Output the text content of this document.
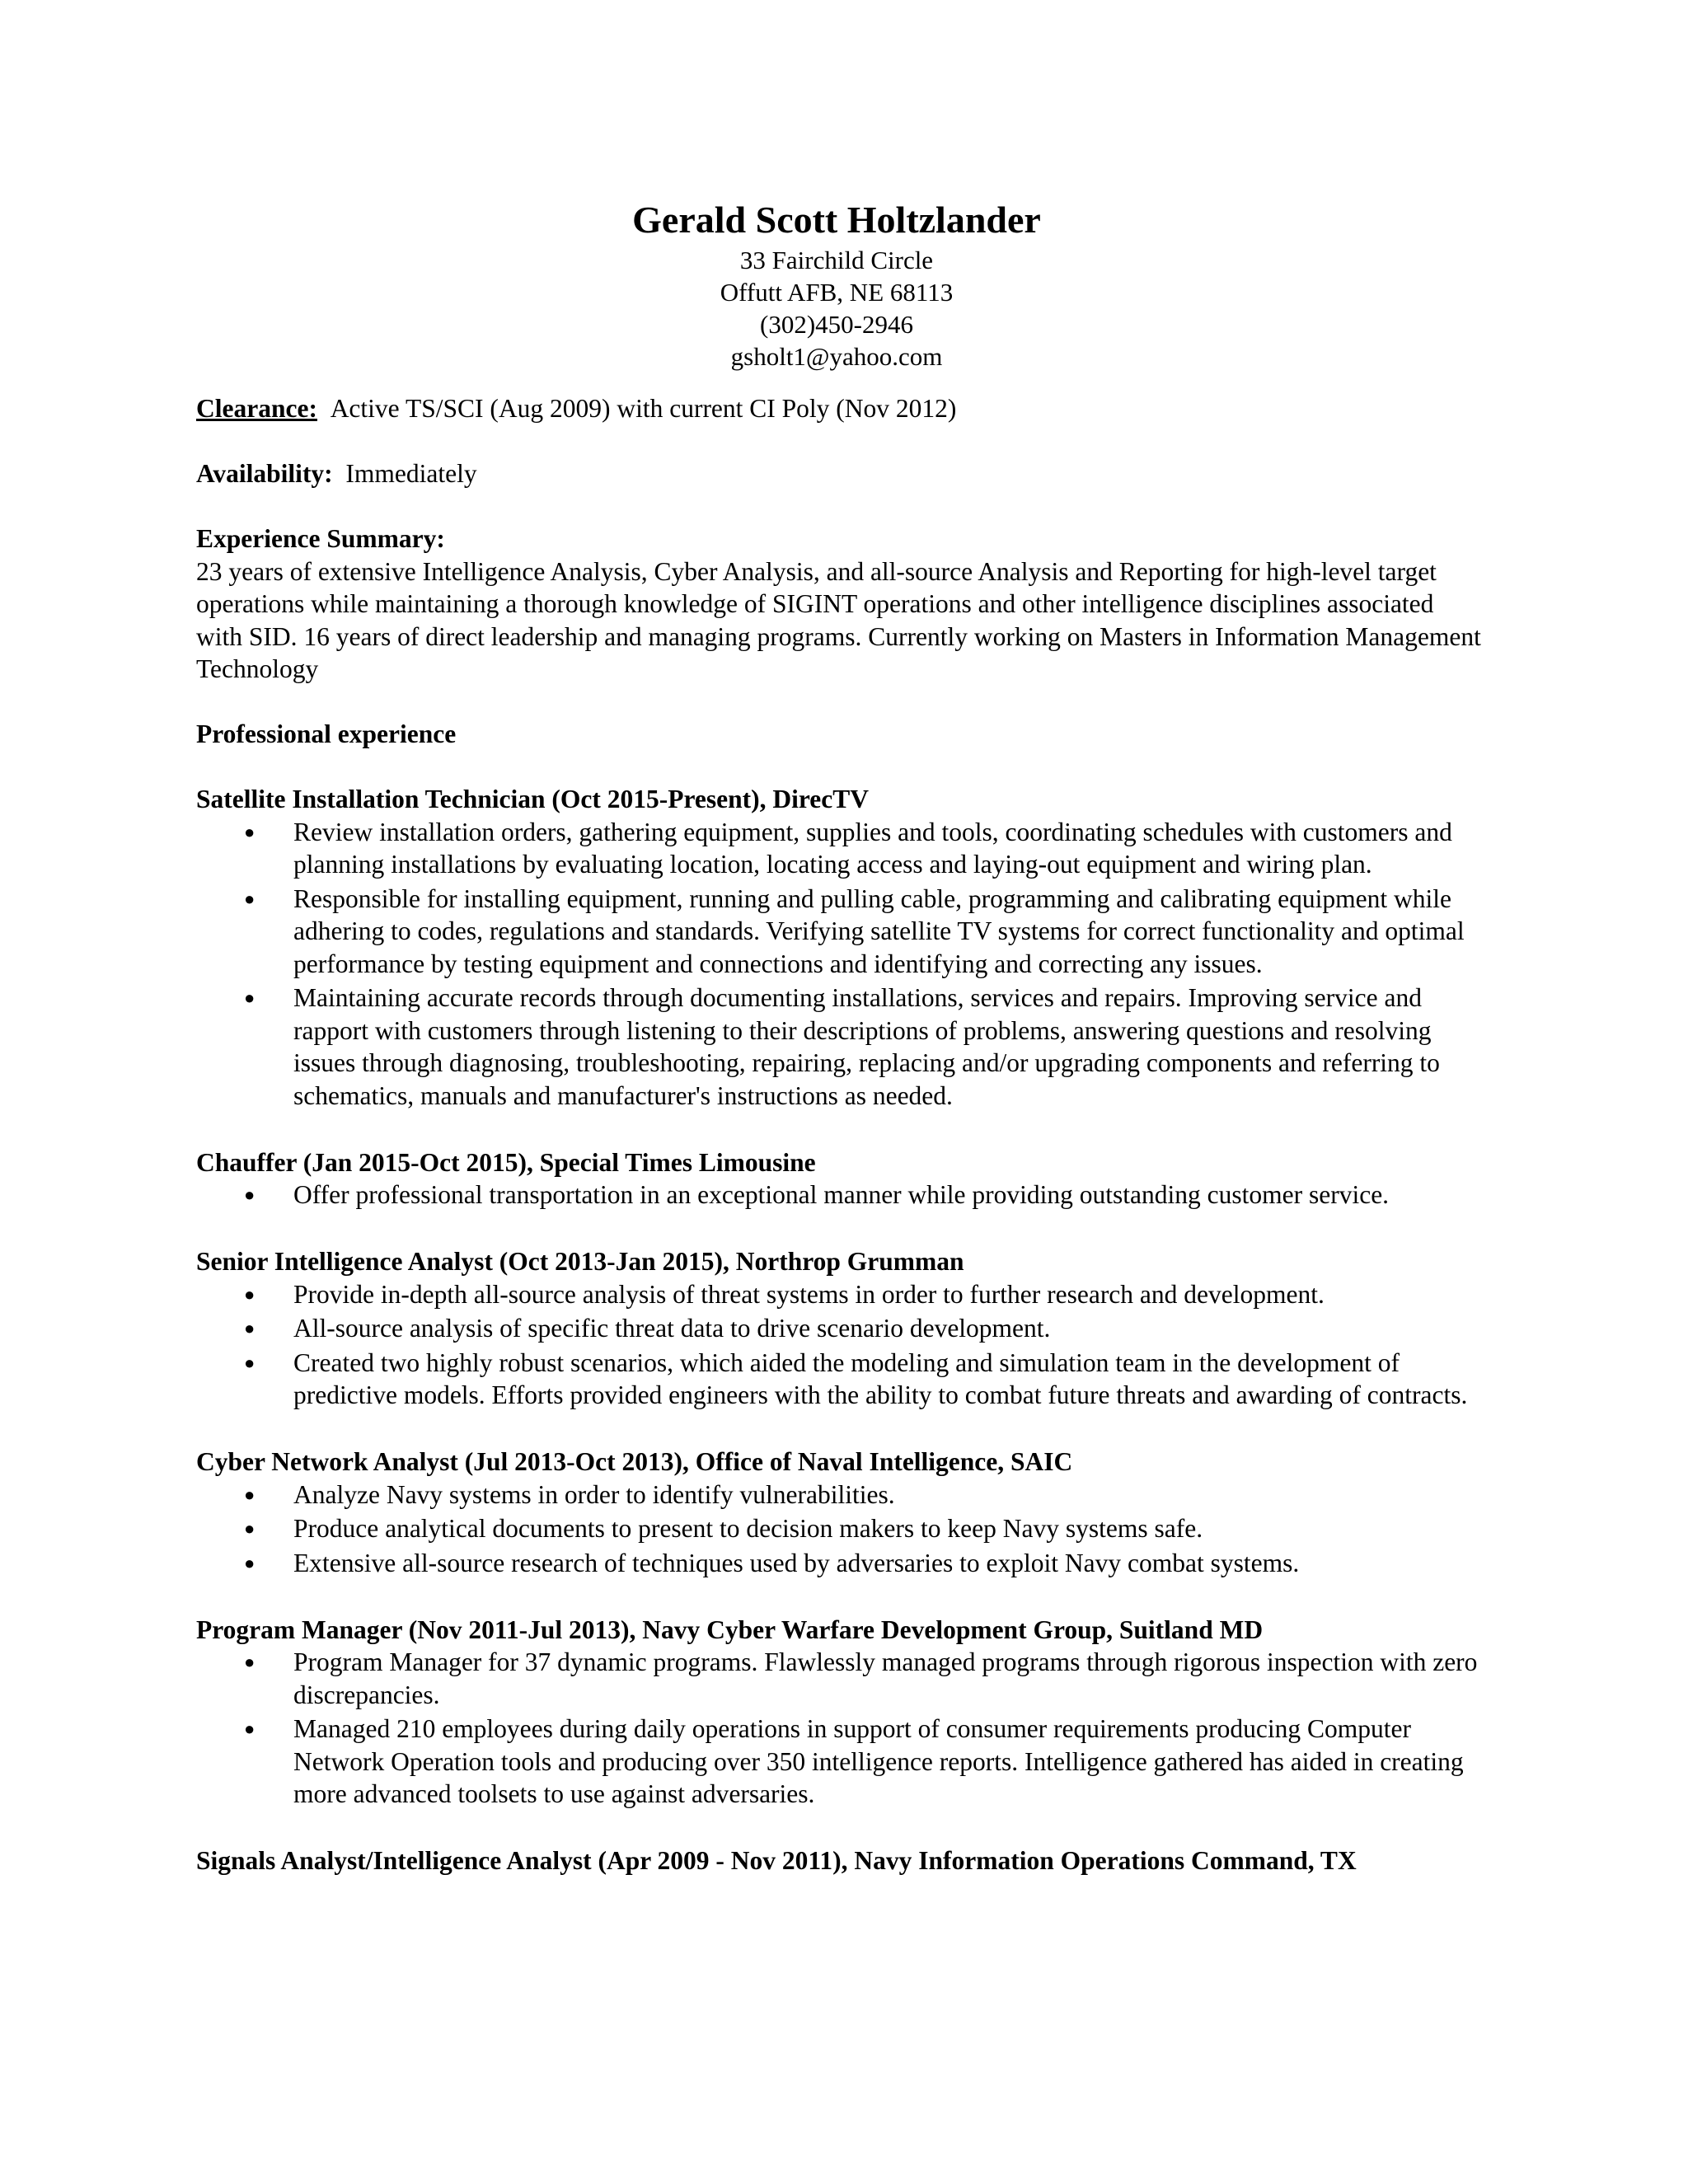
Gerald Scott Holtzlander
33 Fairchild Circle
Offutt AFB, NE 68113
(302)450-2946
gsholt1@yahoo.com

Clearance: Active TS/SCI (Aug 2009) with current CI Poly (Nov 2012)

Availability: Immediately

Experience Summary:

23 years of extensive Intelligence Analysis, Cyber Analysis, and all-source Analysis and Reporting for high-level target operations while maintaining a thorough knowledge of SIGINT operations and other intelligence disciplines associated with SID. 16 years of direct leadership and managing programs. Currently working on Masters in Information Management Technology

Professional experience

Satellite Installation Technician (Oct 2015-Present), DirecTV

● Review installation orders, gathering equipment, supplies and tools, coordinating schedules with customers and planning installations by evaluating location, locating access and laying-out equipment and wiring plan.
● Responsible for installing equipment, running and pulling cable, programming and calibrating equipment while adhering to codes, regulations and standards. Verifying satellite TV systems for correct functionality and optimal performance by testing equipment and connections and identifying and correcting any issues.
● Maintaining accurate records through documenting installations, services and repairs. Improving service and rapport with customers through listening to their descriptions of problems, answering questions and resolving issues through diagnosing, troubleshooting, repairing, replacing and/or upgrading components and referring to schematics, manuals and manufacturer's instructions as needed.

Chauffer (Jan 2015-Oct 2015), Special Times Limousine

● Offer professional transportation in an exceptional manner while providing outstanding customer service.

Senior Intelligence Analyst (Oct 2013-Jan 2015), Northrop Grumman

● Provide in-depth all-source analysis of threat systems in order to further research and development.
● All-source analysis of specific threat data to drive scenario development.
● Created two highly robust scenarios, which aided the modeling and simulation team in the development of predictive models. Efforts provided engineers with the ability to combat future threats and awarding of contracts.

Cyber Network Analyst (Jul 2013-Oct 2013), Office of Naval Intelligence, SAIC

● Analyze Navy systems in order to identify vulnerabilities.
● Produce analytical documents to present to decision makers to keep Navy systems safe.
● Extensive all-source research of techniques used by adversaries to exploit Navy combat systems.

Program Manager (Nov 2011-Jul 2013), Navy Cyber Warfare Development Group, Suitland MD

● Program Manager for 37 dynamic programs. Flawlessly managed programs through rigorous inspection with zero discrepancies.
● Managed 210 employees during daily operations in support of consumer requirements producing Computer Network Operation tools and producing over 350 intelligence reports. Intelligence gathered has aided in creating more advanced toolsets to use against adversaries.

Signals Analyst/Intelligence Analyst (Apr 2009 - Nov 2011), Navy Information Operations Command, TX
